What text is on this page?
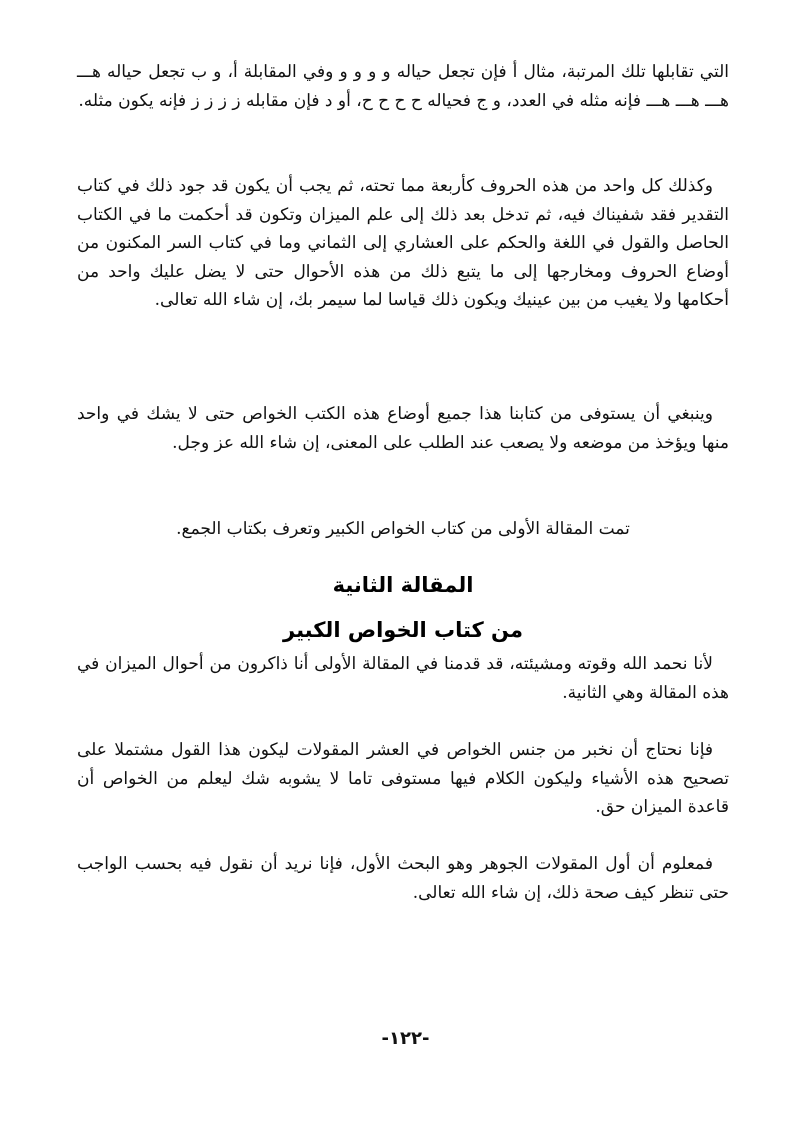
التي تقابلها تلك المرتبة، مثال أ فإن تجعل حياله و و و و وفي المقابلة أ، و ب تجعل حياله هـــ هـــ هـــ هـــ فإنه مثله في العدد، و ج فحياله ح ح ح ح، أو د فإن مقابله ز ز ز ز فإنه يكون مثله.

وكذلك كل واحد من هذه الحروف كأربعة مما تحته، ثم يجب أن يكون قد جود ذلك في كتاب التقدير فقد شفيناك فيه، ثم تدخل بعد ذلك إلى علم الميزان وتكون قد أحكمت ما في الكتاب الحاصل والقول في اللغة والحكم على العشاري إلى الثماني وما في كتاب السر المكنون من أوضاع الحروف ومخارجها إلى ما يتبع ذلك من هذه الأحوال حتى لا يضل عليك واحد من أحكامها ولا يغيب من بين عينيك ويكون ذلك قياسا لما سيمر بك، إن شاء الله تعالى.

وينبغي أن يستوفى من كتابنا هذا جميع أوضاع هذه الكتب الخواص حتى لا يشك في واحد منها ويؤخذ من موضعه ولا يصعب عند الطلب على المعنى، إن شاء الله عز وجل.

تمت المقالة الأولى من كتاب الخواص الكبير وتعرف بكتاب الجمع.
المقالة الثانية
من كتاب الخواص الكبير

لأنا نحمد الله وقوته ومشيئته، قد قدمنا في المقالة الأولى أنا ذاكرون من أحوال الميزان في هذه المقالة وهي الثانية.

فإنا نحتاج أن نخبر من جنس الخواص في العشر المقولات ليكون هذا القول مشتملا على تصحيح هذه الأشياء وليكون الكلام فيها مستوفى تاما لا يشوبه شك ليعلم من الخواص أن قاعدة الميزان حق.

فمعلوم أن أول المقولات الجوهر وهو البحث الأول، فإنا نريد أن نقول فيه بحسب الواجب حتى تنظر كيف صحة ذلك، إن شاء الله تعالى.

-١٢٢-
